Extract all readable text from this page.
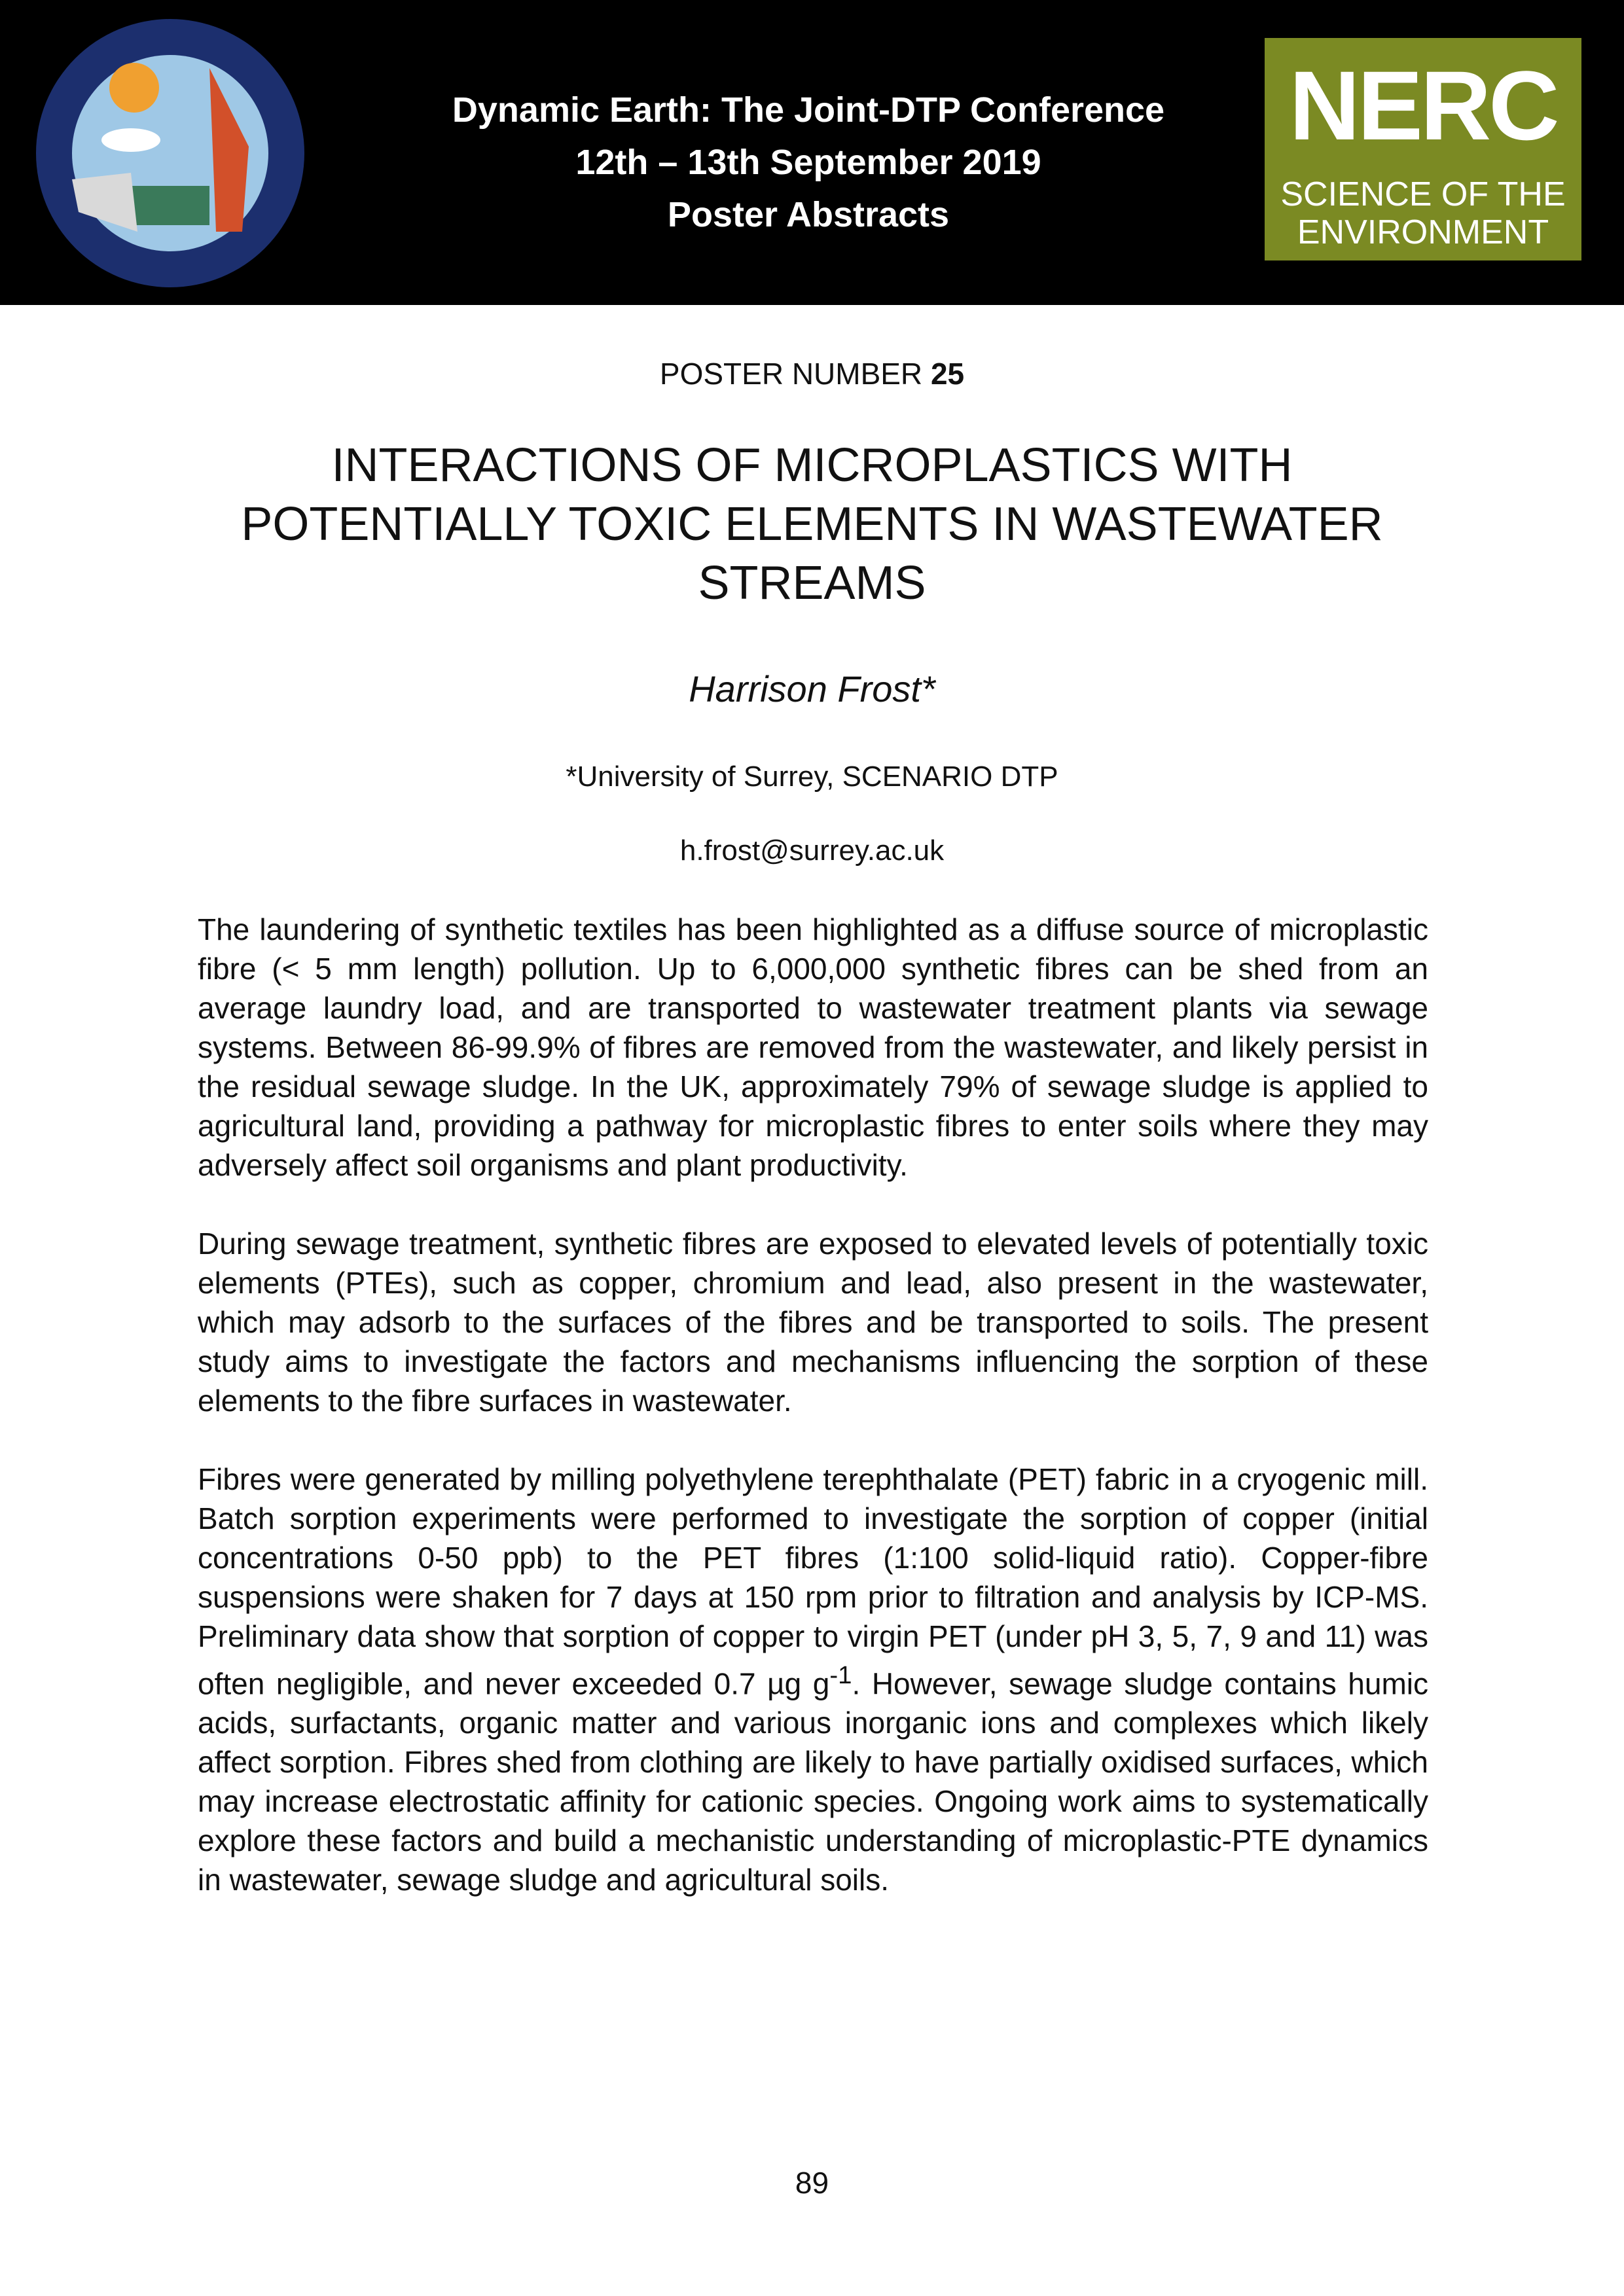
Dynamic Earth: The Joint-DTP Conference
12th – 13th September 2019
Poster Abstracts
NERC
SCIENCE OF THE
ENVIRONMENT
POSTER NUMBER 25
INTERACTIONS OF MICROPLASTICS WITH
POTENTIALLY TOXIC ELEMENTS IN WASTEWATER
STREAMS
Harrison Frost*
*University of Surrey, SCENARIO DTP
h.frost@surrey.ac.uk

The laundering of synthetic textiles has been highlighted as a diffuse source of microplastic fibre (< 5 mm length) pollution. Up to 6,000,000 synthetic fibres can be shed from an average laundry load, and are transported to wastewater treatment plants via sewage systems. Between 86-99.9% of fibres are removed from the wastewater, and likely persist in the residual sewage sludge. In the UK, approximately 79% of sewage sludge is applied to agricultural land, providing a pathway for microplastic fibres to enter soils where they may adversely affect soil organisms and plant productivity.

During sewage treatment, synthetic fibres are exposed to elevated levels of potentially toxic elements (PTEs), such as copper, chromium and lead, also present in the wastewater, which may adsorb to the surfaces of the fibres and be transported to soils. The present study aims to investigate the factors and mechanisms influencing the sorption of these elements to the fibre surfaces in wastewater.

Fibres were generated by milling polyethylene terephthalate (PET) fabric in a cryogenic mill. Batch sorption experiments were performed to investigate the sorption of copper (initial concentrations 0-50 ppb) to the PET fibres (1:100 solid-liquid ratio). Copper-fibre suspensions were shaken for 7 days at 150 rpm prior to filtration and analysis by ICP-MS. Preliminary data show that sorption of copper to virgin PET (under pH 3, 5, 7, 9 and 11) was often negligible, and never exceeded 0.7 µg $g^{-1}$. However, sewage sludge contains humic acids, surfactants, organic matter and various inorganic ions and complexes which likely affect sorption. Fibres shed from clothing are likely to have partially oxidised surfaces, which may increase electrostatic affinity for cationic species. Ongoing work aims to systematically explore these factors and build a mechanistic understanding of microplastic-PTE dynamics in wastewater, sewage sludge and agricultural soils.

89
